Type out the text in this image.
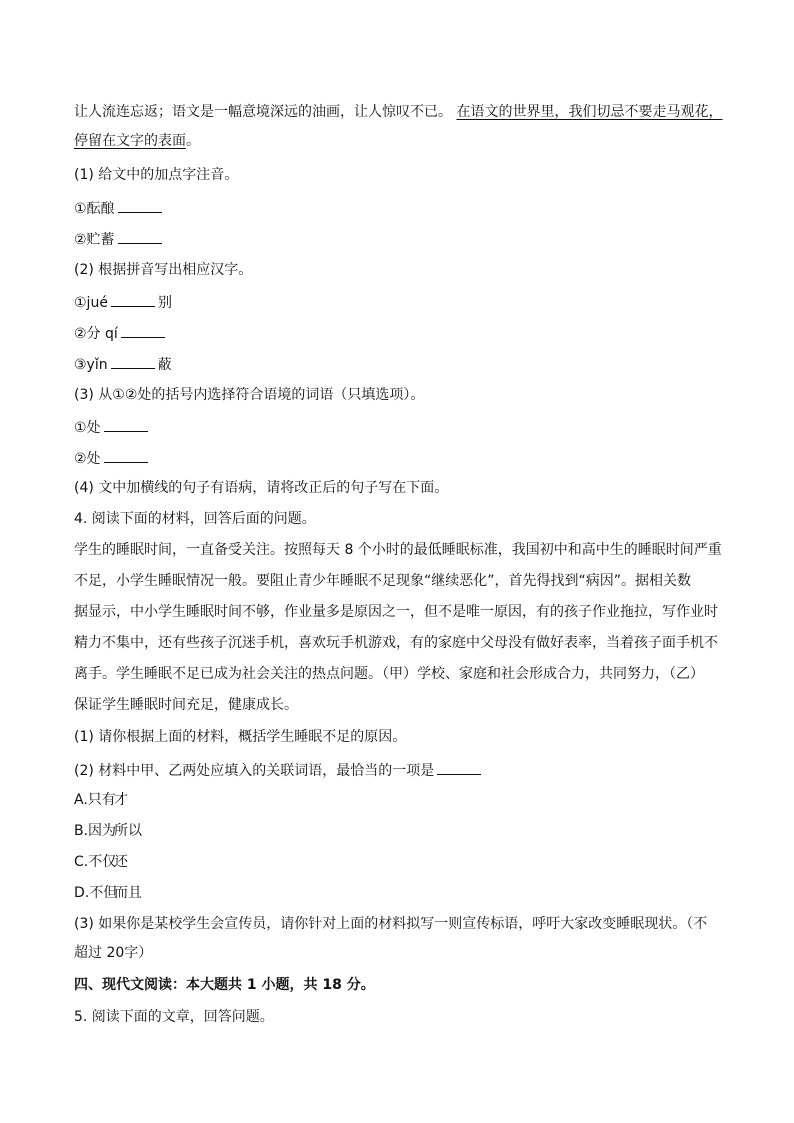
让人流连忘返；语文是一幅意境深远的油画，让人惊叹不已。 在语文的世界里，我们切忌不要走马观花，
停留在文字的表面。
(1) 给文中的加点字注音。
①酝酿
②贮蓄
(2) 根据拼音写出相应汉字。
①jué	别
②分 qí
③yǐn	蔽
(3) 从①②处的括号内选择符合语境的词语（只填选项）。
①处
②处
(4) 文中加横线的句子有语病，请将改正后的句子写在下面。
4. 阅读下面的材料，回答后面的问题。
学生的睡眠时间，一直备受关注。按照每天 8 个小时的最低睡眠标准，我国初中和高中生的睡眠时间严重
不足，小学生睡眠情况一般。要阻止青少年睡眠不足现象“继续恶化”，首先得找到“病因”。据相关数
据显示，中小学生睡眠时间不够，作业量多是原因之一，但不是唯一原因，有的孩子作业拖拉，写作业时
精力不集中，还有些孩子沉迷手机，喜欢玩手机游戏，有的家庭中父母没有做好表率，当着孩子面手机不
离手。学生睡眠不足已成为社会关注的热点问题。（甲）学校、家庭和社会形成合力，共同努力，（乙）
保证学生睡眠时间充足，健康成长。
(1) 请你根据上面的材料，概括学生睡眠不足的原因。
(2) 材料中甲、乙两处应填入的关联词语，最恰当的一项是
A.只有才
B.因为所以
C.不仅还
D.不但而且
(3) 如果你是某校学生会宣传员，请你针对上面的材料拟写一则宣传标语，呼吁大家改变睡眠现状。（不
超过 20字）
四、现代文阅读：本大题共 1 小题，共 18 分。
5. 阅读下面的文章，回答问题。
